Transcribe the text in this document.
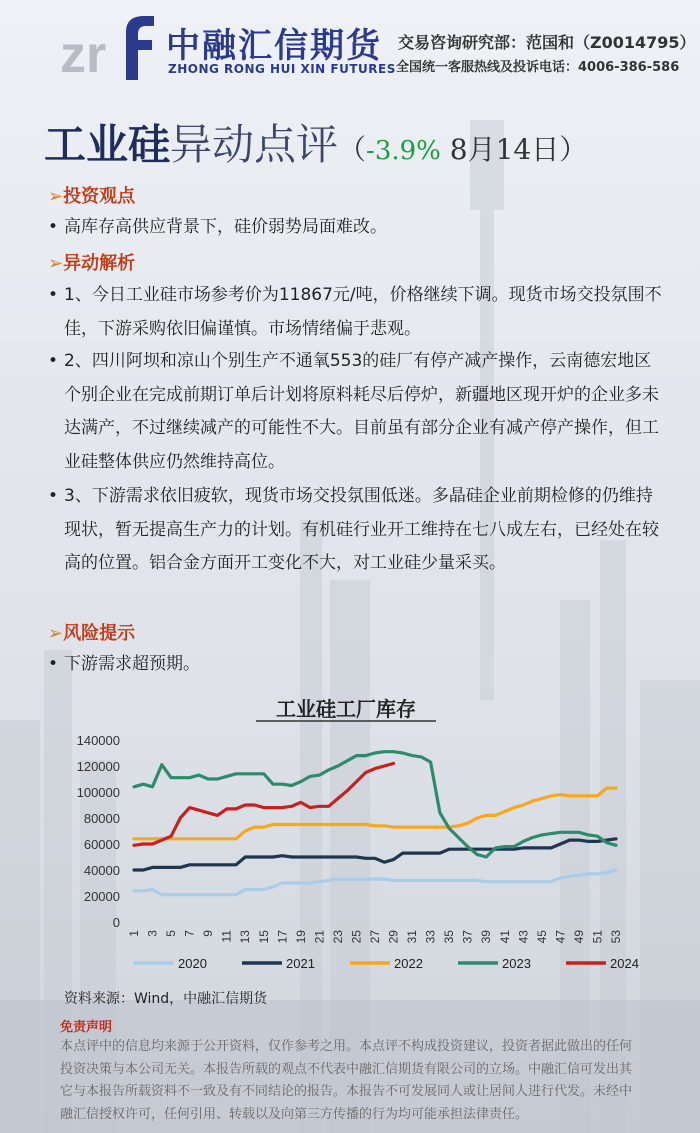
zr 中融汇信期货
ZHONG RONG HUI XIN FUTURES
交易咨询研究部：范国和（Z0014795）
全国统一客服热线及投诉电话：4006-386-586
工业硅异动点评（-3.9% 8月14日）
➢投资观点
• 高库存高供应背景下，硅价弱势局面难改。
➢异动解析
• 1、今日工业硅市场参考价为11867元/吨，价格继续下调。现货市场交投氛围不佳，下游采购依旧偏谨慎。市场情绪偏于悲观。
• 2、四川阿坝和凉山个别生产不通氧553的硅厂有停产减产操作，云南德宏地区个别企业在完成前期订单后计划将原料耗尽后停炉，新疆地区现开炉的企业多未达满产，不过继续减产的可能性不大。目前虽有部分企业有减产停产操作，但工业硅整体供应仍然维持高位。
• 3、下游需求依旧疲软，现货市场交投氛围低迷。多晶硅企业前期检修的仍维持现状，暂无提高生产力的计划。有机硅行业开工维持在七八成左右，已经处在较高的位置。铝合金方面开工变化不大，对工业硅少量采买。
➢风险提示
• 下游需求超预期。
工业硅工厂库存
0
20000
40000
60000
80000
100000
120000
140000
1 3 5 7 9 11 13 15 17 19 21 23 25 27 29 31 33 35 37 39 41 43 45 47 49 51 53
2020	2021	2022	2023	2024
资料来源：Wind，中融汇信期货
免责声明
本点评中的信息均来源于公开资料，仅作参考之用。本点评不构成投资建议，投资者据此做出的任何投资决策与本公司无关。本报告所载的观点不代表中融汇信期货有限公司的立场。中融汇信可发出其它与本报告所载资料不一致及有不同结论的报告。本报告不可发展同人或让居间人进行代发。未经中融汇信授权许可，任何引用、转载以及向第三方传播的行为均可能承担法律责任。
